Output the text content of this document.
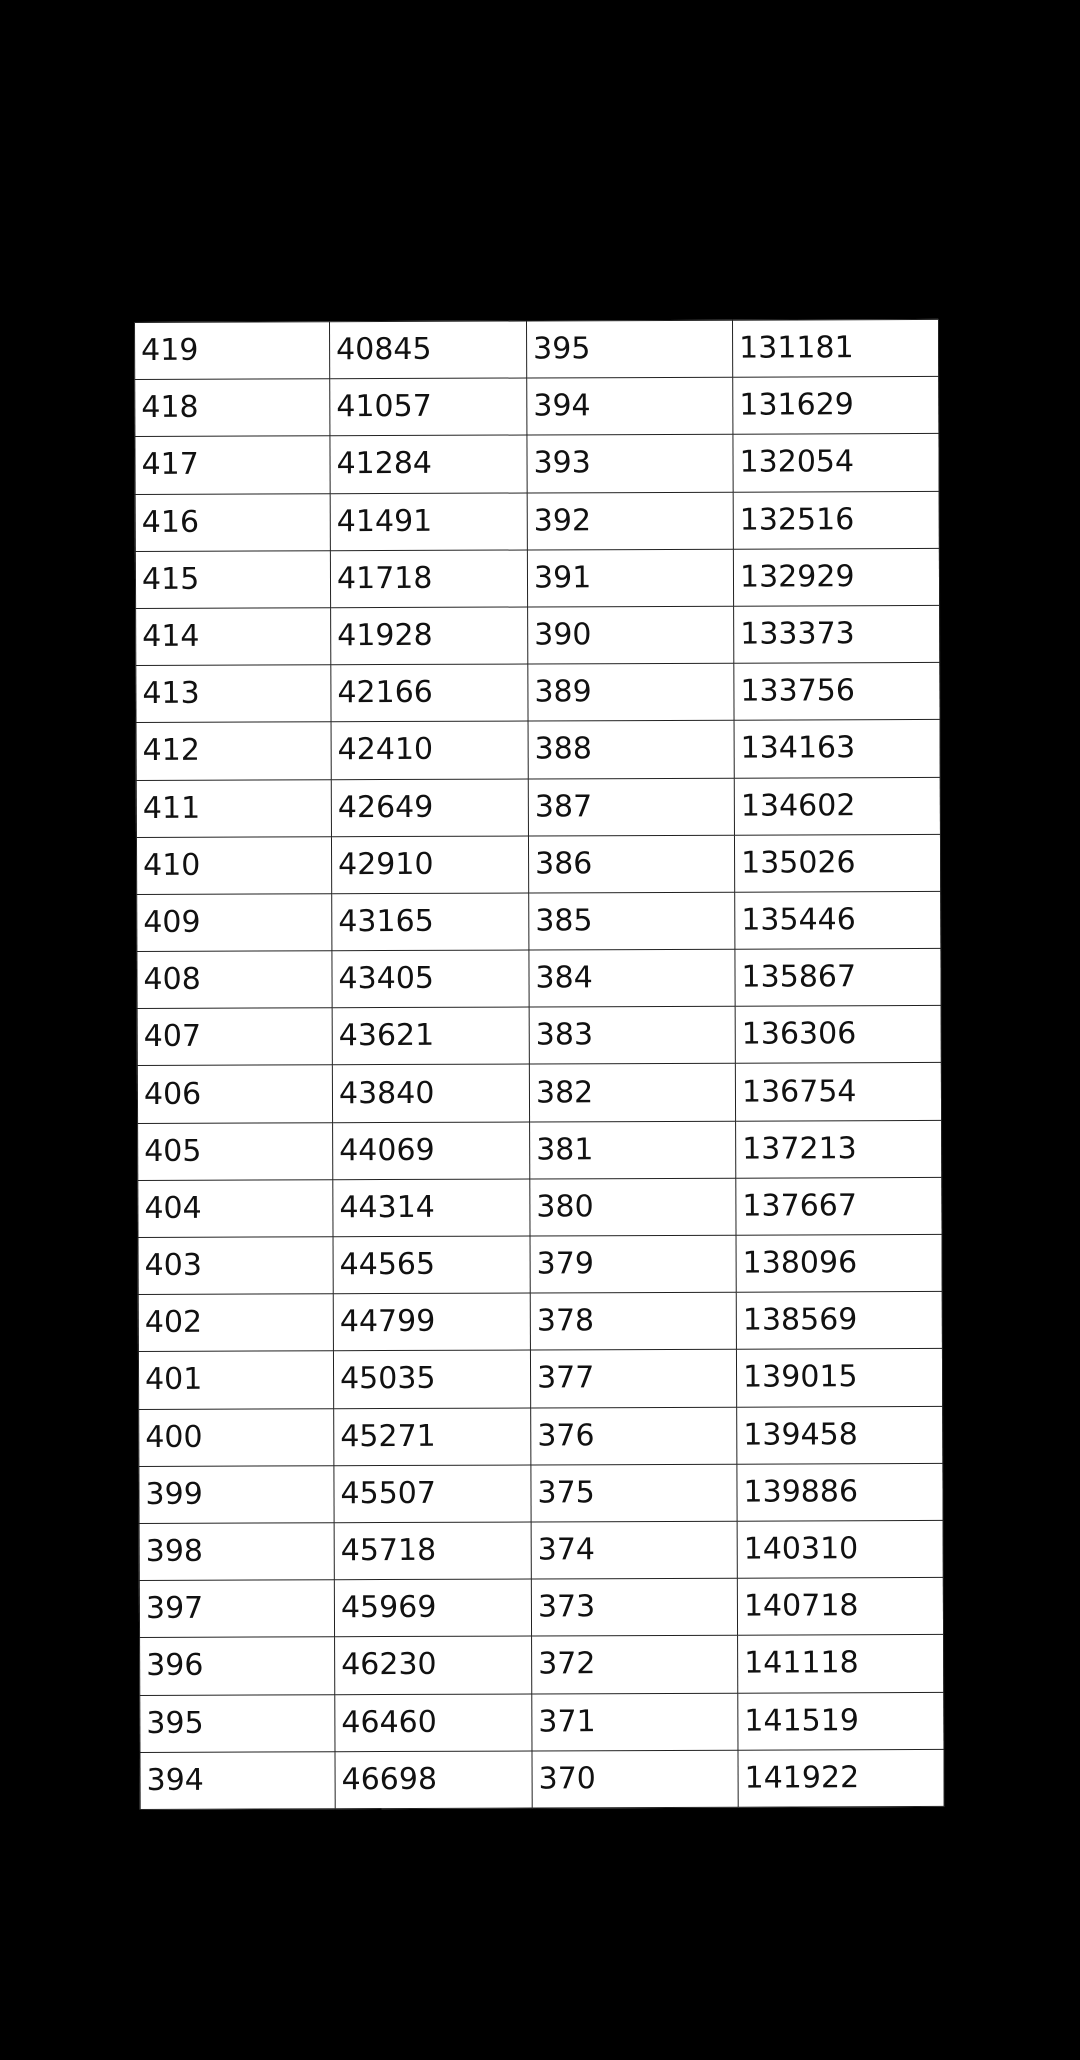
419	40845	395	131181
418	41057	394	131629
417	41284	393	132054
416	41491	392	132516
415	41718	391	132929
414	41928	390	133373
413	42166	389	133756
412	42410	388	134163
411	42649	387	134602
410	42910	386	135026
409	43165	385	135446
408	43405	384	135867
407	43621	383	136306
406	43840	382	136754
405	44069	381	137213
404	44314	380	137667
403	44565	379	138096
402	44799	378	138569
401	45035	377	139015
400	45271	376	139458
399	45507	375	139886
398	45718	374	140310
397	45969	373	140718
396	46230	372	141118
395	46460	371	141519
394	46698	370	141922
